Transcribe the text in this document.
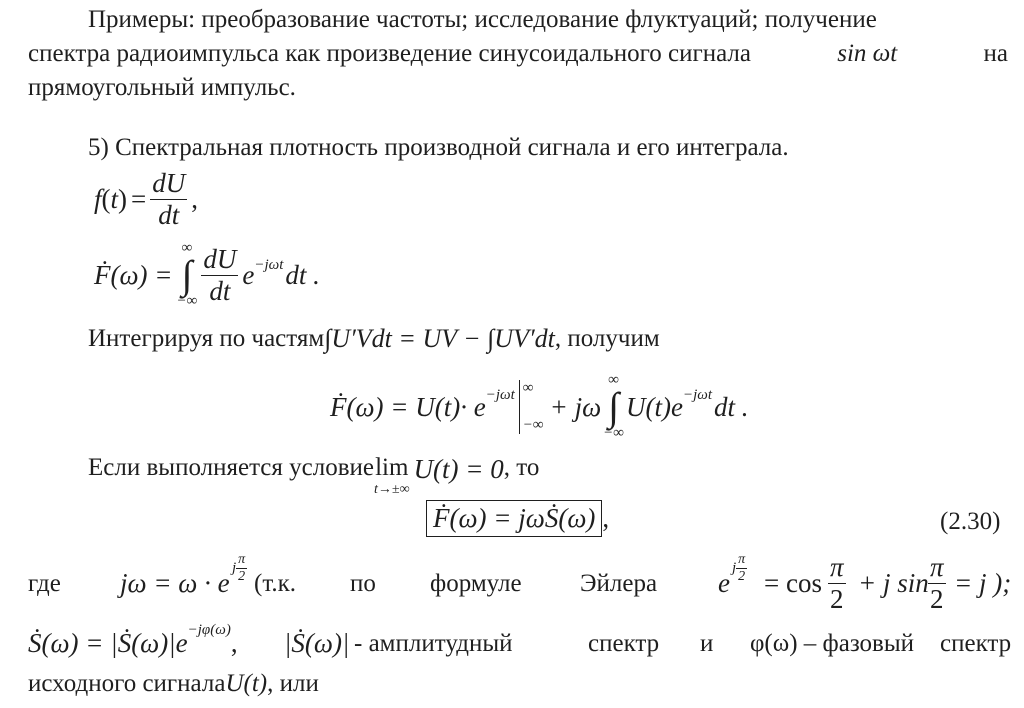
Примеры: преобразование частоты; исследование флуктуаций; получение
спектра радиоимпульса как произведение синусоидального сигнала	sin ωt	на
прямоугольный импульс.
5) Спектральная плотность производной сигнала и его интеграла.
f $(t) = \frac{dU}{dt}$ ,
Ḟ(ω) =
∞
∫
−∞ $\frac{dU}{dt} e^{-j\omega t}$ dt .
Интегрируя по частям ∫U′Vdt = UV − ∫UV′dt , получим
Ḟ(ω) = $U(t)\cdot e^{-j\omega t}$ ∞
−∞
+ jω
∞
∫
−∞
$U(t)e^{-j\omega t}$ dt .
Если выполняется условие lim
t→±∞
U(t) = 0 , то
Ḟ(ω) = jωṠ(ω) ,	(2.30)
где jω = ω · e j $\frac{\pi}{2} (т.к$. по формуле Эйлера e j $\frac{\pi}{2} = \cos \frac{\pi}{2} + j$ $\sin \frac{\pi}{2} = j$ );
Ṡ(ω) = $|Ṡ(\omega)|e^{-j\varphi(\omega)}$ , |Ṡ(ω)| - амплитудный	спектр и φ(ω) – фазовый спектр
исходного сигнала U(t) , или
